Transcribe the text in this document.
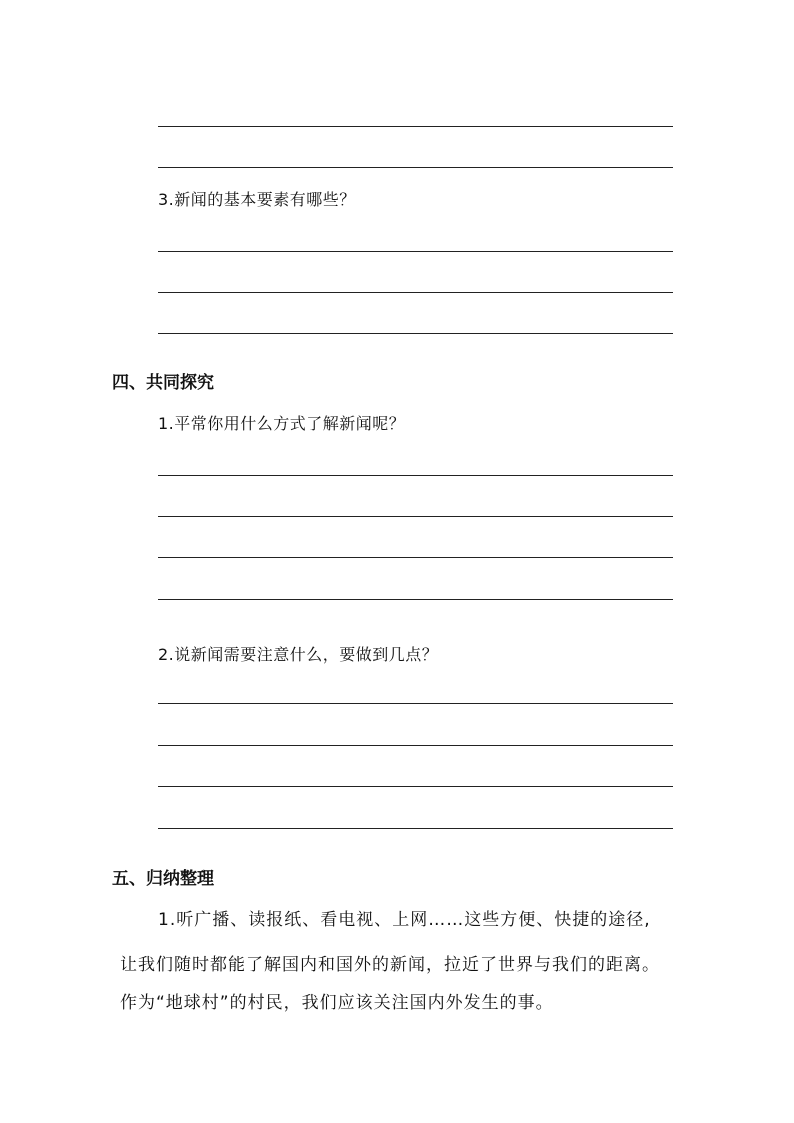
3.新闻的基本要素有哪些？
四、共同探究
1.平常你用什么方式了解新闻呢？
2.说新闻需要注意什么，要做到几点？
五、归纳整理
1.听广播、读报纸、看电视、上网……这些方便、快捷的途径,
让我们随时都能了解国内和国外的新闻，拉近了世界与我们的距离。
作为“地球村”的村民，我们应该关注国内外发生的事。
